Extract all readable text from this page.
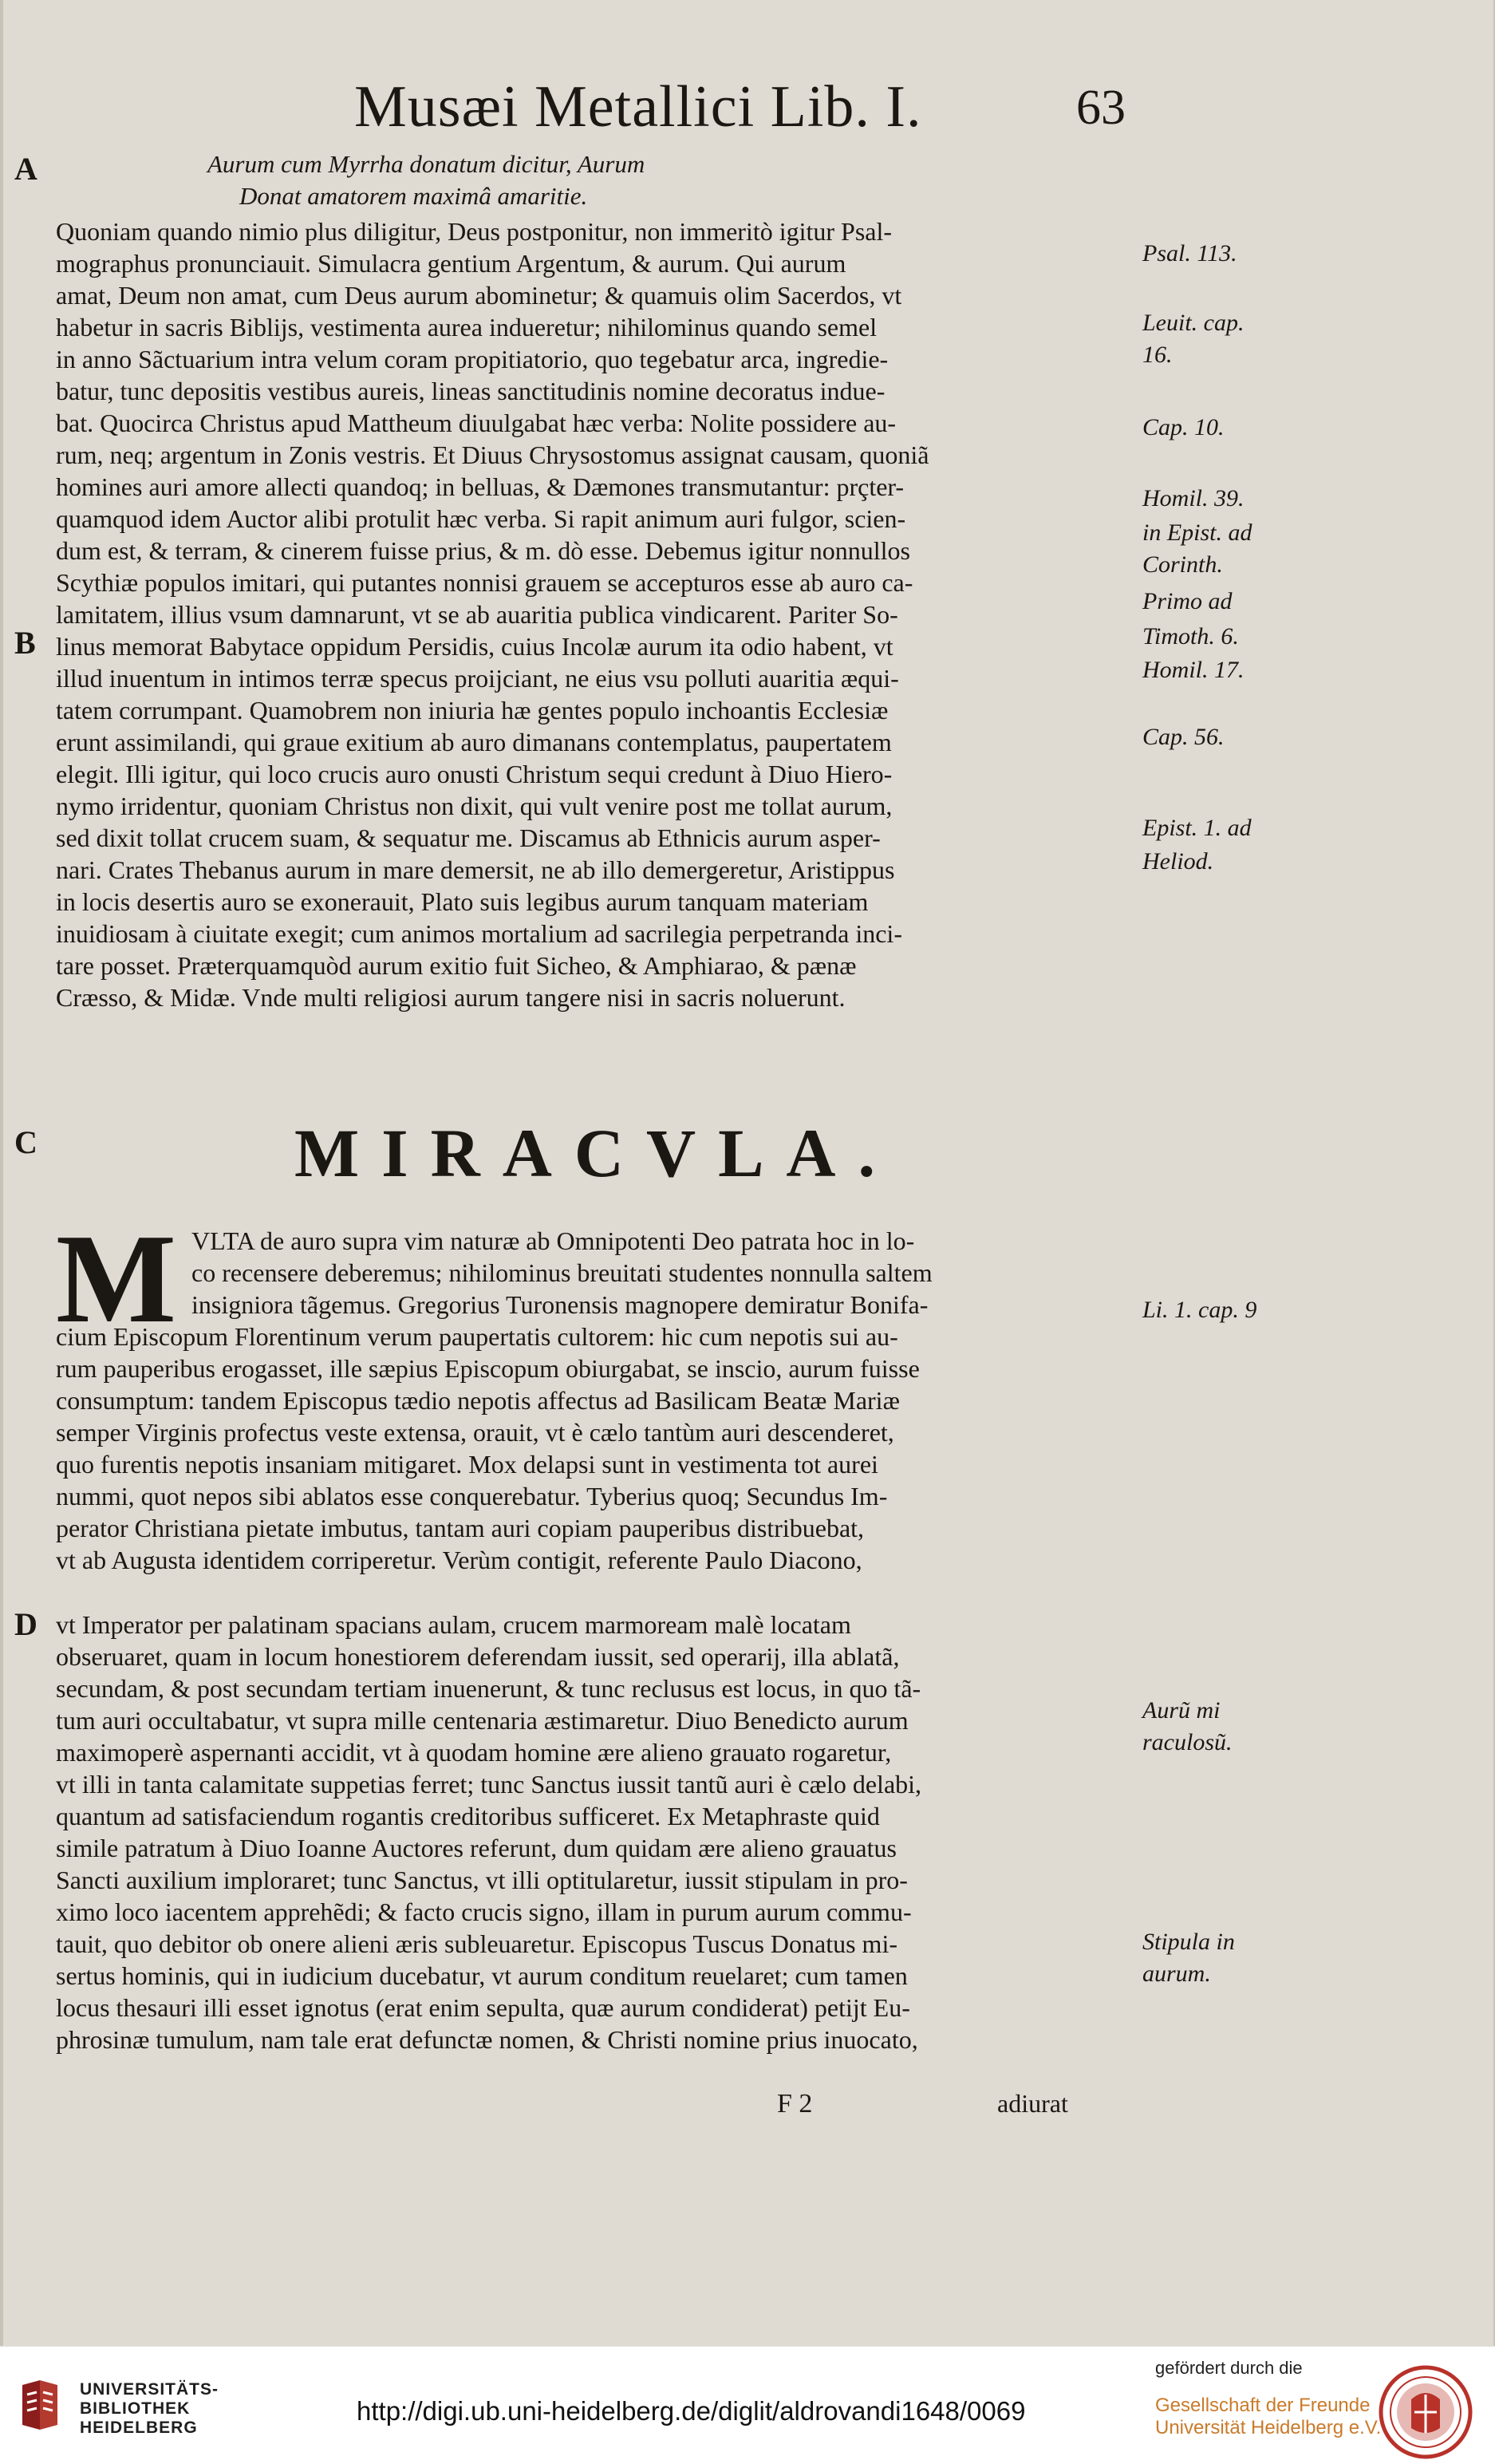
Musæi Metallici Lib. I.	63
Aurum cum Myrrha donatum dicitur, Aurum
Donat amatorem maximâ amaritie.
A
B
C
D
Quoniam quando nimio plus diligitur, Deus postponitur, non immeritò igitur Psal-
mographus pronunciauit. Simulacra gentium Argentum, & aurum. Qui aurum
amat, Deum non amat, cum Deus aurum abominetur; & quamuis olim Sacerdos, vt
habetur in sacris Biblijs, vestimenta aurea indueretur; nihilominus quando semel
in anno Sãctuarium intra velum coram propitiatorio, quo tegebatur arca, ingredie-
batur, tunc depositis vestibus aureis, lineas sanctitudinis nomine decoratus indue-
bat. Quocirca Christus apud Mattheum diuulgabat hæc verba: Nolite possidere au-
rum, neq; argentum in Zonis vestris. Et Diuus Chrysostomus assignat causam, quoniã
homines auri amore allecti quandoq; in belluas, & Dæmones transmutantur: prçter-
quamquod idem Auctor alibi protulit hæc verba. Si rapit animum auri fulgor, scien-
dum est, & terram, & cinerem fuisse prius, & m. dò esse. Debemus igitur nonnullos
Scythiæ populos imitari, qui putantes nonnisi grauem se accepturos esse ab auro ca-
lamitatem, illius vsum damnarunt, vt se ab auaritia publica vindicarent. Pariter So-
linus memorat Babytace oppidum Persidis, cuius Incolæ aurum ita odio habent, vt
illud inuentum in intimos terræ specus proijciant, ne eius vsu polluti auaritia æqui-
tatem corrumpant. Quamobrem non iniuria hæ gentes populo inchoantis Ecclesiæ
erunt assimilandi, qui graue exitium ab auro dimanans contemplatus, paupertatem
elegit. Illi igitur, qui loco crucis auro onusti Christum sequi credunt à Diuo Hiero-
nymo irridentur, quoniam Christus non dixit, qui vult venire post me tollat aurum,
sed dixit tollat crucem suam, & sequatur me. Discamus ab Ethnicis aurum asper-
nari. Crates Thebanus aurum in mare demersit, ne ab illo demergeretur, Aristippus
in locis desertis auro se exonerauit, Plato suis legibus aurum tanquam materiam
inuidiosam à ciuitate exegit; cum animos mortalium ad sacrilegia perpetranda inci-
tare posset. Præterquamquòd aurum exitio fuit Sicheo, & Amphiarao, & pænæ
Cræsso, & Midæ. Vnde multi religiosi aurum tangere nisi in sacris noluerunt.
MIRACVLA.
M VLTA de auro supra vim naturæ ab Omnipotenti Deo patrata hoc in lo-
co recensere deberemus; nihilominus breuitati studentes nonnulla saltem
insigniora tãgemus. Gregorius Turonensis magnopere demiratur Bonifa-
cium Episcopum Florentinum verum paupertatis cultorem: hic cum nepotis sui au-
rum pauperibus erogasset, ille sæpius Episcopum obiurgabat, se inscio, aurum fuisse
consumptum: tandem Episcopus tædio nepotis affectus ad Basilicam Beatæ Mariæ
semper Virginis profectus veste extensa, orauit, vt è cælo tantùm auri descenderet,
quo furentis nepotis insaniam mitigaret. Mox delapsi sunt in vestimenta tot aurei
nummi, quot nepos sibi ablatos esse conquerebatur. Tyberius quoq; Secundus Im-
perator Christiana pietate imbutus, tantam auri copiam pauperibus distribuebat,
vt ab Augusta identidem corriperetur. Verùm contigit, referente Paulo Diacono,
vt Imperator per palatinam spacians aulam, crucem marmoream malè locatam
obseruaret, quam in locum honestiorem deferendam iussit, sed operarij, illa ablatã,
secundam, & post secundam tertiam inuenerunt, & tunc reclusus est locus, in quo tã-
tum auri occultabatur, vt supra mille centenaria æstimaretur. Diuo Benedicto aurum
maximoperè aspernanti accidit, vt à quodam homine ære alieno grauato rogaretur,
vt illi in tanta calamitate suppetias ferret; tunc Sanctus iussit tantũ auri è cælo delabi,
quantum ad satisfaciendum rogantis creditoribus sufficeret. Ex Metaphraste quid
simile patratum à Diuo Ioanne Auctores referunt, dum quidam ære alieno grauatus
Sancti auxilium imploraret; tunc Sanctus, vt illi optitularetur, iussit stipulam in pro-
ximo loco iacentem apprehẽdi; & facto crucis signo, illam in purum aurum commu-
tauit, quo debitor ob onere alieni æris subleuaretur. Episcopus Tuscus Donatus mi-
sertus hominis, qui in iudicium ducebatur, vt aurum conditum reuelaret; cum tamen
locus thesauri illi esset ignotus (erat enim sepulta, quæ aurum condiderat) petijt Eu-
phrosinæ tumulum, nam tale erat defunctæ nomen, & Christi nomine prius inuocato,
Psal. 113.
Leuit. cap.
16.
Cap. 10.
Homil. 39.
in Epist. ad
Corinth.
Primo ad
Timoth. 6.
Homil. 17.
Cap. 56.
Epist. 1. ad
Heliod.
Li. 1. cap. 9
Aurũ mi
raculosũ.
Stipula in
aurum.
F 2	adiurat
UNIVERSITÄTS-
BIBLIOTHEK
HEIDELBERG
http://digi.ub.uni-heidelberg.de/diglit/aldrovandi1648/0069
gefördert durch die
Gesellschaft der Freunde
Universität Heidelberg e.V.
